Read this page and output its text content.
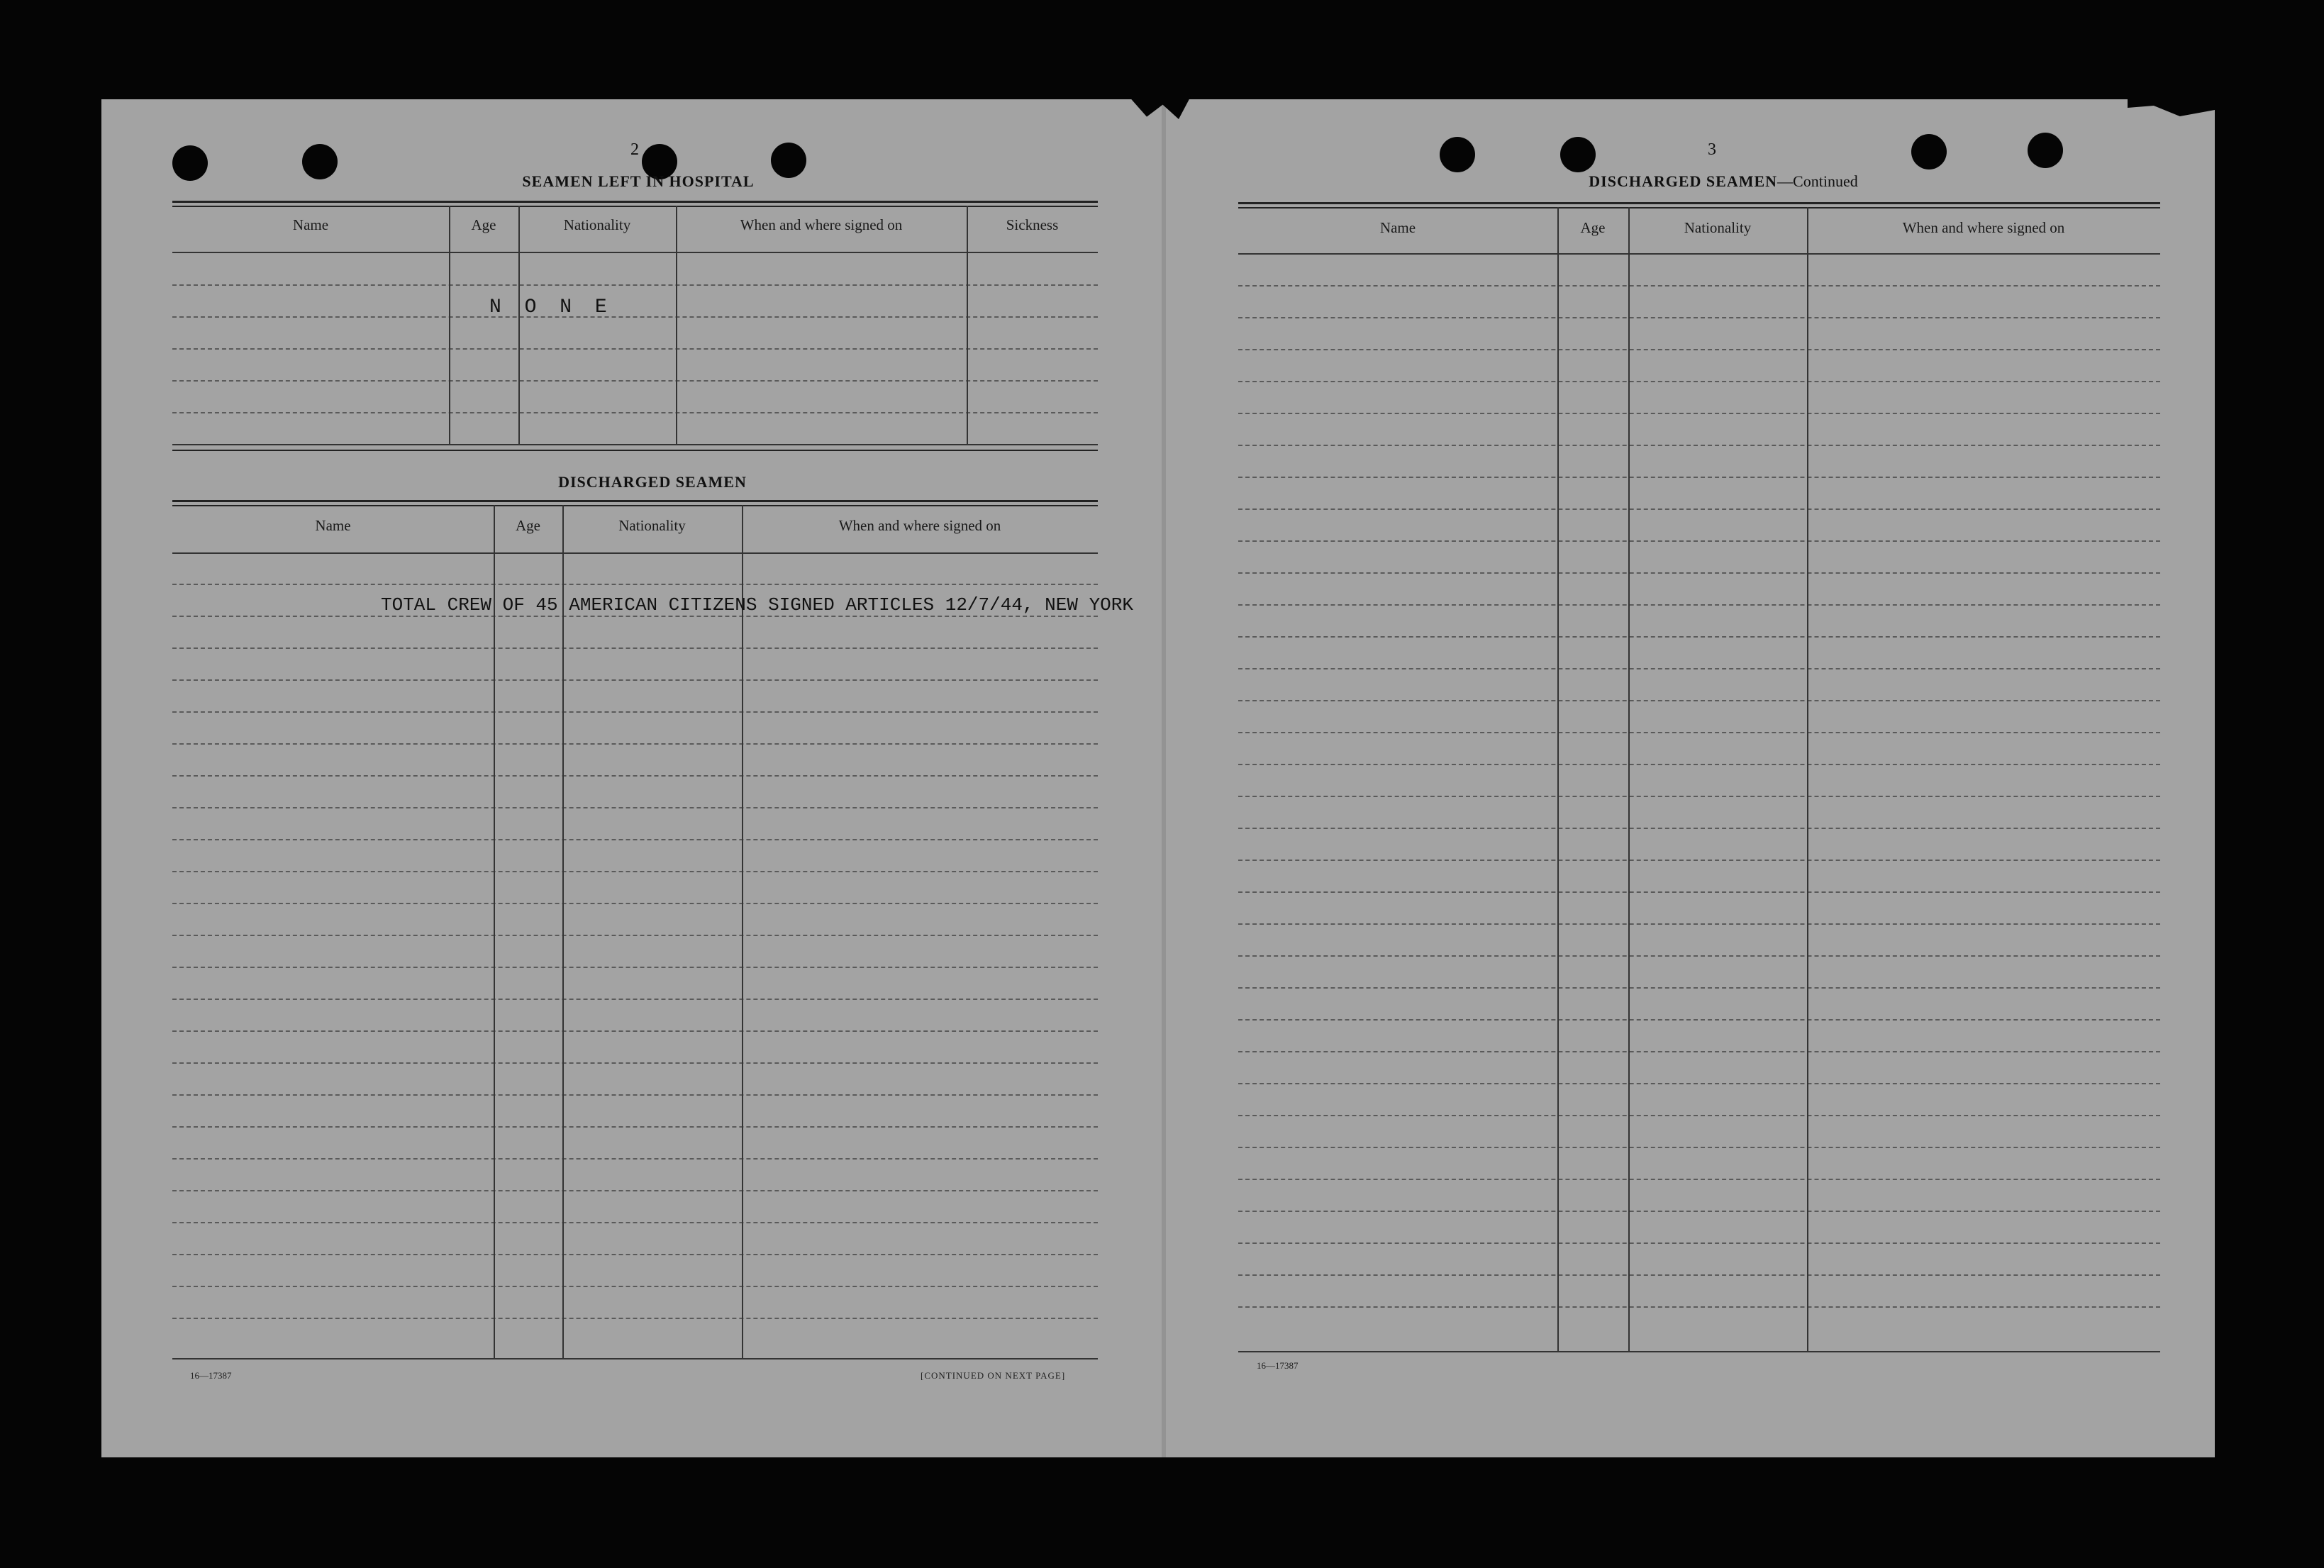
2
SEAMEN LEFT IN HOSPITAL
Name	Age	Nationality	When and where signed on	Sickness
N O N E
DISCHARGED SEAMEN
Name	Age	Nationality	When and where signed on
TOTAL CREW OF 45 AMERICAN CITIZENS SIGNED ARTICLES 12/7/44, NEW YORK
16—17387	[CONTINUED ON NEXT PAGE]
3
DISCHARGED SEAMEN—Continued
Name	Age	Nationality	When and where signed on
16—17387
